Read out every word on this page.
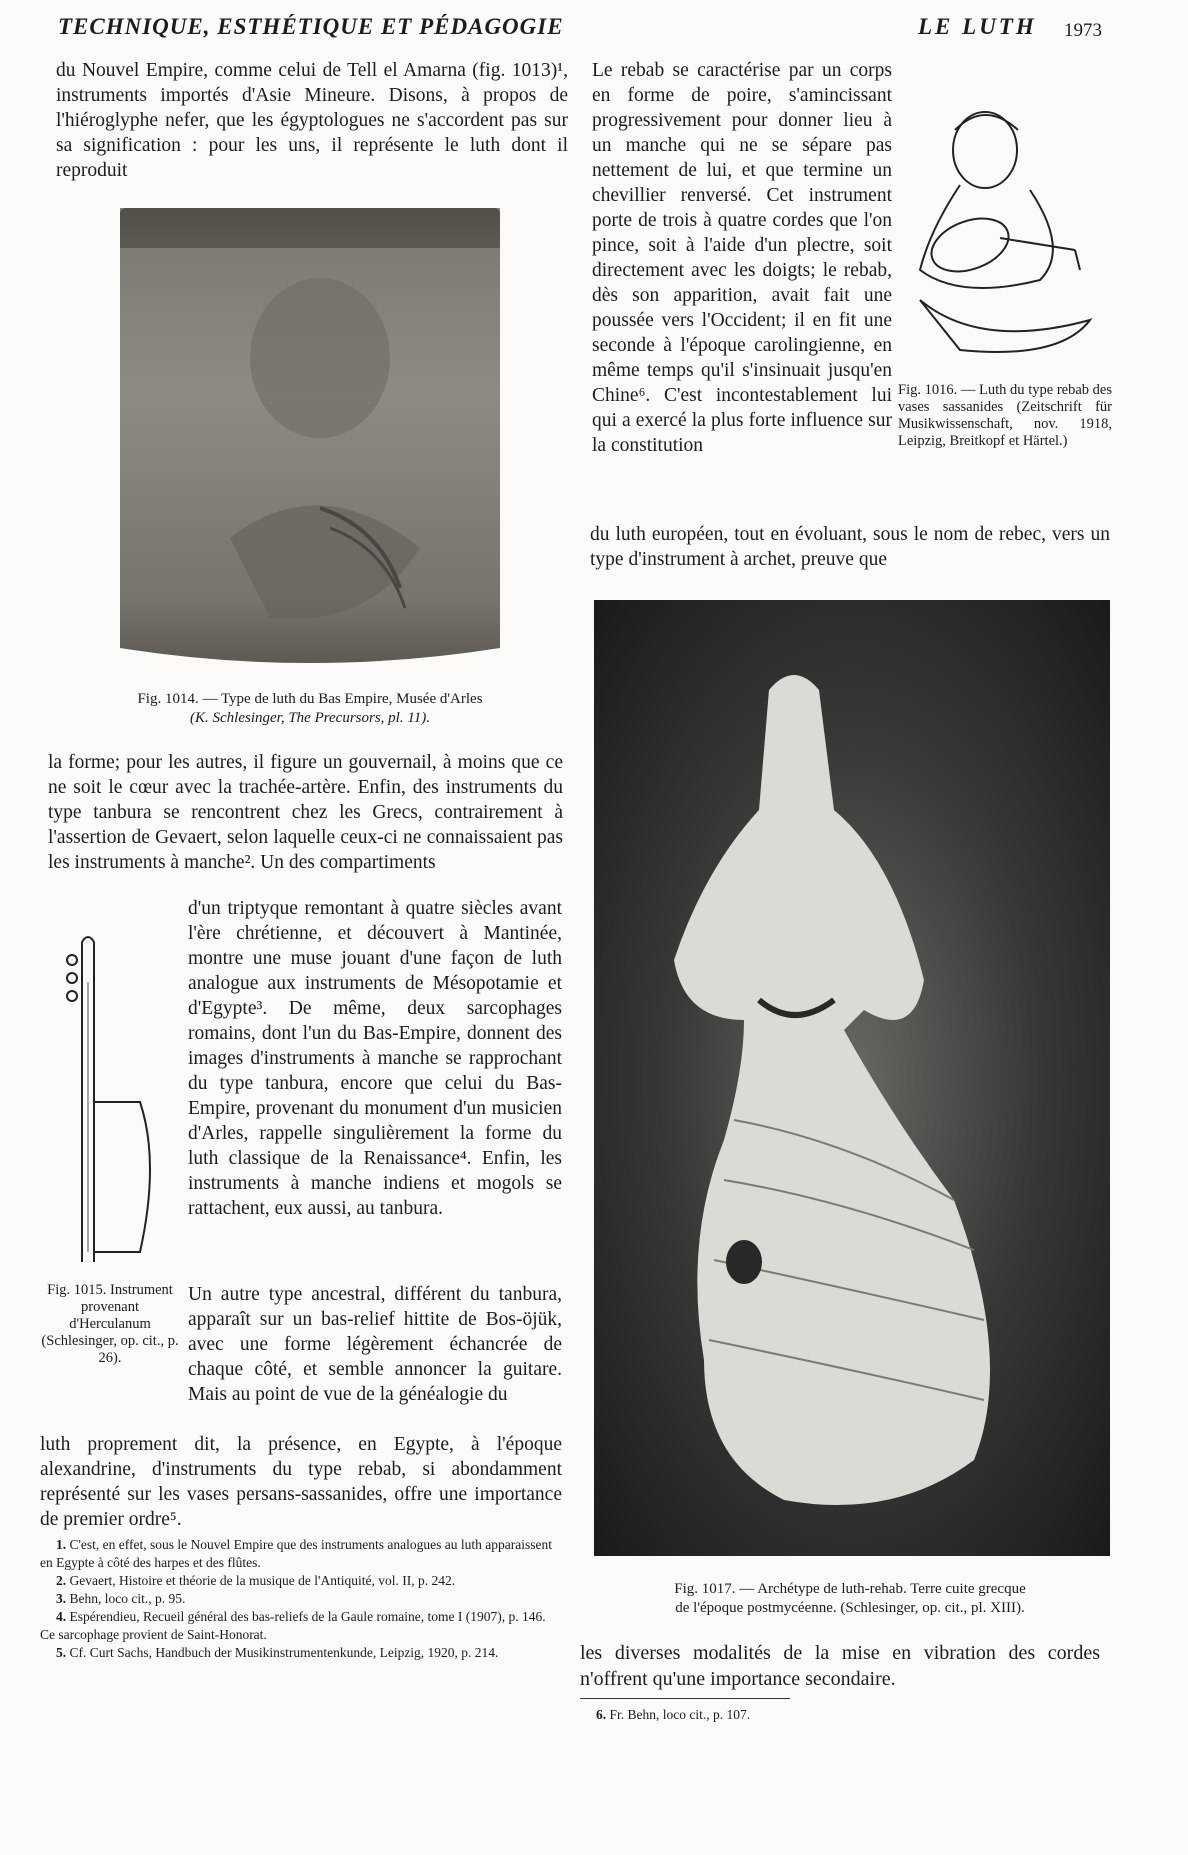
TECHNIQUE, ESTHÉTIQUE ET PÉDAGOGIE	LE LUTH	1973

du Nouvel Empire, comme celui de Tell el Amarna (fig. 1013)¹, instruments importés d'Asie Mineure. Disons, à propos de l'hiéroglyphe nefer, que les égyptologues ne s'accordent pas sur sa signification : pour les uns, il représente le luth dont il reproduit

Fig. 1014. — Type de luth du Bas Empire, Musée d'Arles

(K. Schlesinger, The Precursors, pl. 11).

la forme; pour les autres, il figure un gouvernail, à moins que ce ne soit le cœur avec la trachée-artère. Enfin, des instruments du type tanbura se rencontrent chez les Grecs, contrairement à l'assertion de Gevaert, selon laquelle ceux-ci ne connaissaient pas les instruments à manche². Un des compartiments

Fig. 1015. Instrument provenant d'Herculanum (Schlesinger, op. cit., p. 26).

d'un triptyque remontant à quatre siècles avant l'ère chrétienne, et découvert à Mantinée, montre une muse jouant d'une façon de luth analogue aux instruments de Mésopotamie et d'Egypte³. De même, deux sarcophages romains, dont l'un du Bas-Empire, donnent des images d'instruments à manche se rapprochant du type tanbura, encore que celui du Bas-Empire, provenant du monument d'un musicien d'Arles, rappelle singulièrement la forme du luth classique de la Renaissance⁴. Enfin, les instruments à manche indiens et mogols se rattachent, eux aussi, au tanbura.

Un autre type ancestral, différent du tanbura, apparaît sur un bas-relief hittite de Bos-öjük, avec une forme légèrement échancrée de chaque côté, et semble annoncer la guitare. Mais au point de vue de la généalogie du

luth proprement dit, la présence, en Egypte, à l'époque alexandrine, d'instruments du type rebab, si abondamment représenté sur les vases persans-sassanides, offre une importance de premier ordre⁵.

1. C'est, en effet, sous le Nouvel Empire que des instruments analogues au luth apparaissent en Egypte à côté des harpes et des flûtes.

2. Gevaert, Histoire et théorie de la musique de l'Antiquité, vol. II, p. 242.

3. Behn, loco cit., p. 95.

4. Espérendieu, Recueil général des bas-reliefs de la Gaule romaine, tome I (1907), p. 146. Ce sarcophage provient de Saint-Honorat.

5. Cf. Curt Sachs, Handbuch der Musikinstrumentenkunde, Leipzig, 1920, p. 214.

Le rebab se caractérise par un corps en forme de poire, s'amincissant progressivement pour donner lieu à un manche qui ne se sépare pas nettement de lui, et que termine un chevillier renversé. Cet instrument porte de trois à quatre cordes que l'on pince, soit à l'aide d'un plectre, soit directement avec les doigts; le rebab, dès son apparition, avait fait une poussée vers l'Occident; il en fit une seconde à l'époque carolingienne, en même temps qu'il s'insinuait jusqu'en Chine⁶. C'est incontestablement lui qui a exercé la plus forte influence sur la constitution

Fig. 1016. — Luth du type rebab des vases sassanides (Zeitschrift für Musikwissenschaft, nov. 1918, Leipzig, Breitkopf et Härtel.)

du luth européen, tout en évoluant, sous le nom de rebec, vers un type d'instrument à archet, preuve que

Fig. 1017. — Archétype de luth-rehab. Terre cuite grecque

de l'époque postmycéenne. (Schlesinger, op. cit., pl. XIII).

les diverses modalités de la mise en vibration des cordes n'offrent qu'une importance secondaire.

6. Fr. Behn, loco cit., p. 107.
